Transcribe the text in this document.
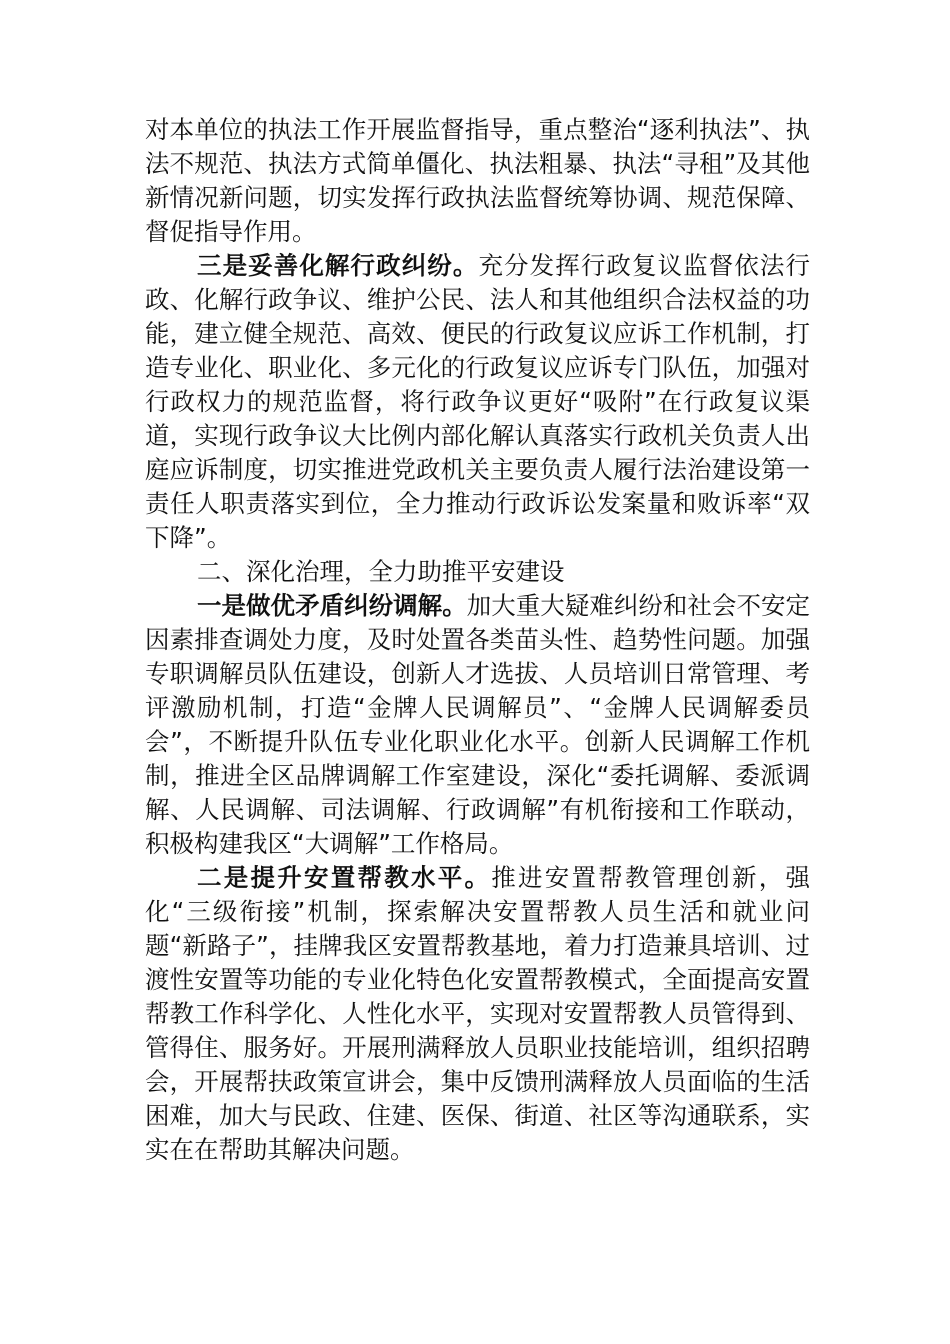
对本单位的执法工作开展监督指导，重点整治“逐利执法”、执法不规范、执法方式简单僵化、执法粗暴、执法“寻租”及其他新情况新问题，切实发挥行政执法监督统筹协调、规范保障、督促指导作用。

三是妥善化解行政纠纷。充分发挥行政复议监督依法行政、化解行政争议、维护公民、法人和其他组织合法权益的功能，建立健全规范、高效、便民的行政复议应诉工作机制，打造专业化、职业化、多元化的行政复议应诉专门队伍，加强对行政权力的规范监督，将行政争议更好“吸附”在行政复议渠道，实现行政争议大比例内部化解认真落实行政机关负责人出庭应诉制度，切实推进党政机关主要负责人履行法治建设第一责任人职责落实到位，全力推动行政诉讼发案量和败诉率“双下降”。

二、深化治理，全力助推平安建设

一是做优矛盾纠纷调解。加大重大疑难纠纷和社会不安定因素排查调处力度，及时处置各类苗头性、趋势性问题。加强专职调解员队伍建设，创新人才选拔、人员培训日常管理、考评激励机制，打造“金牌人民调解员”、“金牌人民调解委员会”，不断提升队伍专业化职业化水平。创新人民调解工作机制，推进全区品牌调解工作室建设，深化“委托调解、委派调解、人民调解、司法调解、行政调解”有机衔接和工作联动，积极构建我区“大调解”工作格局。

二是提升安置帮教水平。推进安置帮教管理创新，强化“三级衔接”机制，探索解决安置帮教人员生活和就业问题“新路子”，挂牌我区安置帮教基地，着力打造兼具培训、过渡性安置等功能的专业化特色化安置帮教模式，全面提高安置帮教工作科学化、人性化水平，实现对安置帮教人员管得到、管得住、服务好。开展刑满释放人员职业技能培训，组织招聘会，开展帮扶政策宣讲会，集中反馈刑满释放人员面临的生活困难，加大与民政、住建、医保、街道、社区等沟通联系，实实在在帮助其解决问题。
